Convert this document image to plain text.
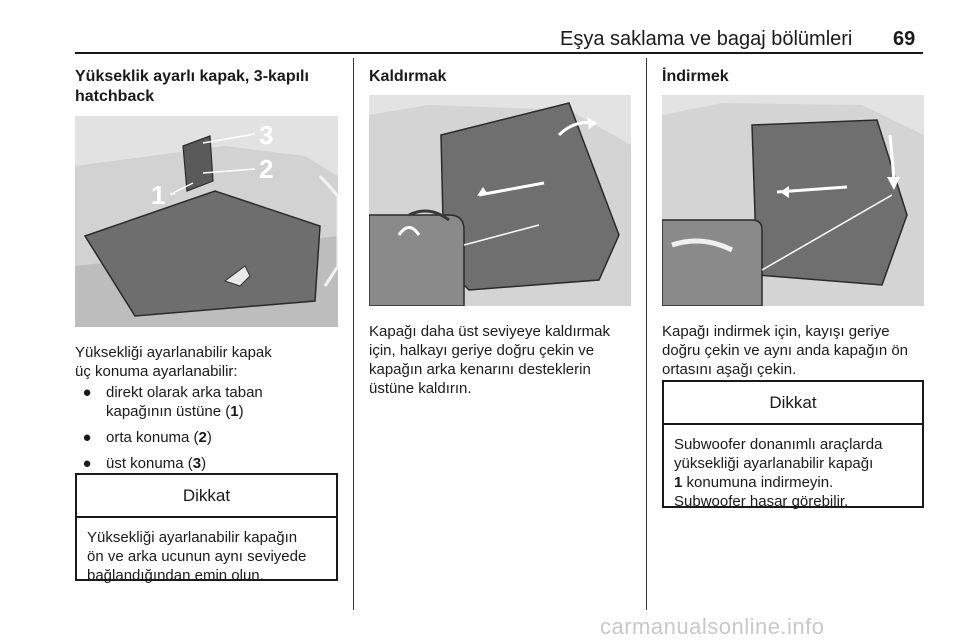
Eşya saklama ve bagaj bölümleri 69
Yükseklik ayarlı kapak, 3-kapılı
hatchback
1
2
3
Yüksekliği ayarlanabilir kapak
üç konuma ayarlanabilir:
● direkt olarak arka taban
kapağının üstüne (1)
● orta konuma (2)
● üst konuma (3)
Dikkat
Yüksekliği ayarlanabilir kapağın
ön ve arka ucunun aynı seviyede
bağlandığından emin olun.
Kaldırmak
Kapağı daha üst seviyeye kaldırmak
için, halkayı geriye doğru çekin ve
kapağın arka kenarını desteklerin
üstüne kaldırın.
İndirmek
Kapağı indirmek için, kayışı geriye
doğru çekin ve aynı anda kapağın ön
ortasını aşağı çekin.
Dikkat
Subwoofer donanımlı araçlarda
yüksekliği ayarlanabilir kapağı
1 konumuna indirmeyin.
Subwoofer hasar görebilir.
carmanualsonline.info
